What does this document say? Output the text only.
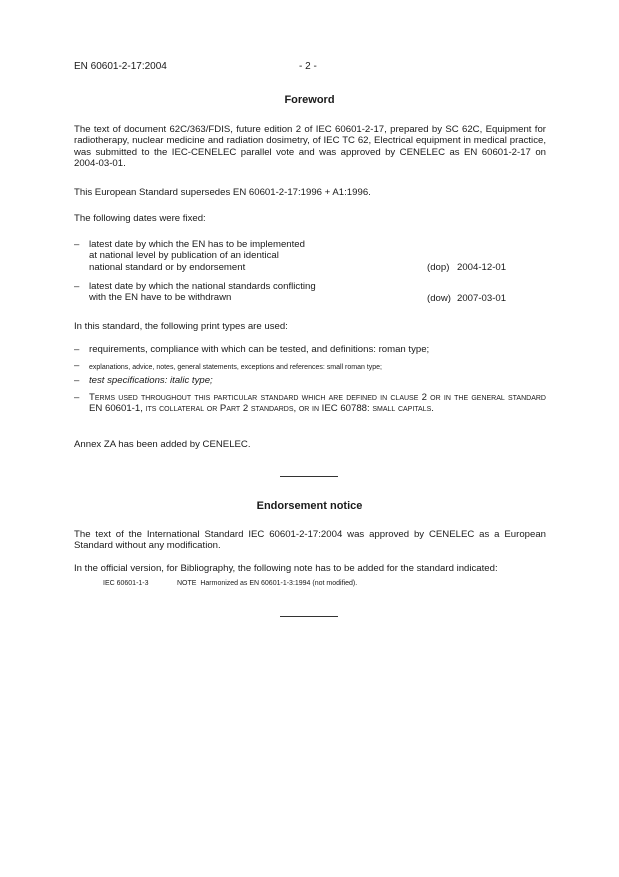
EN 60601-2-17:2004	- 2 -
Foreword
The text of document 62C/363/FDIS, future edition 2 of IEC 60601-2-17, prepared by SC 62C, Equipment for radiotherapy, nuclear medicine and radiation dosimetry, of IEC TC 62, Electrical equipment in medical practice, was submitted to the IEC-CENELEC parallel vote and was approved by CENELEC as EN 60601-2-17 on 2004-03-01.
This European Standard supersedes EN 60601-2-17:1996 + A1:1996.
The following dates were fixed:
– latest date by which the EN has to be implemented
at national level by publication of an identical
national standard or by endorsement	(dop) 2004-12-01
– latest date by which the national standards conflicting
with the EN have to be withdrawn	(dow) 2007-03-01
In this standard, the following print types are used:
– requirements, compliance with which can be tested, and definitions: roman type;
– explanations, advice, notes, general statements, exceptions and references: small roman type;
– test specifications: italic type;
– Terms used throughout this particular standard which are defined in clause 2 or in the general standard EN 60601-1, its collateral or Part 2 standards, or in IEC 60788: small capitals.
Annex ZA has been added by CENELEC.
Endorsement notice
The text of the International Standard IEC 60601-2-17:2004 was approved by CENELEC as a European Standard without any modification.
In the official version, for Bibliography, the following note has to be added for the standard indicated:
IEC 60601-1-3	NOTE  Harmonized as EN 60601-1-3:1994 (not modified).
